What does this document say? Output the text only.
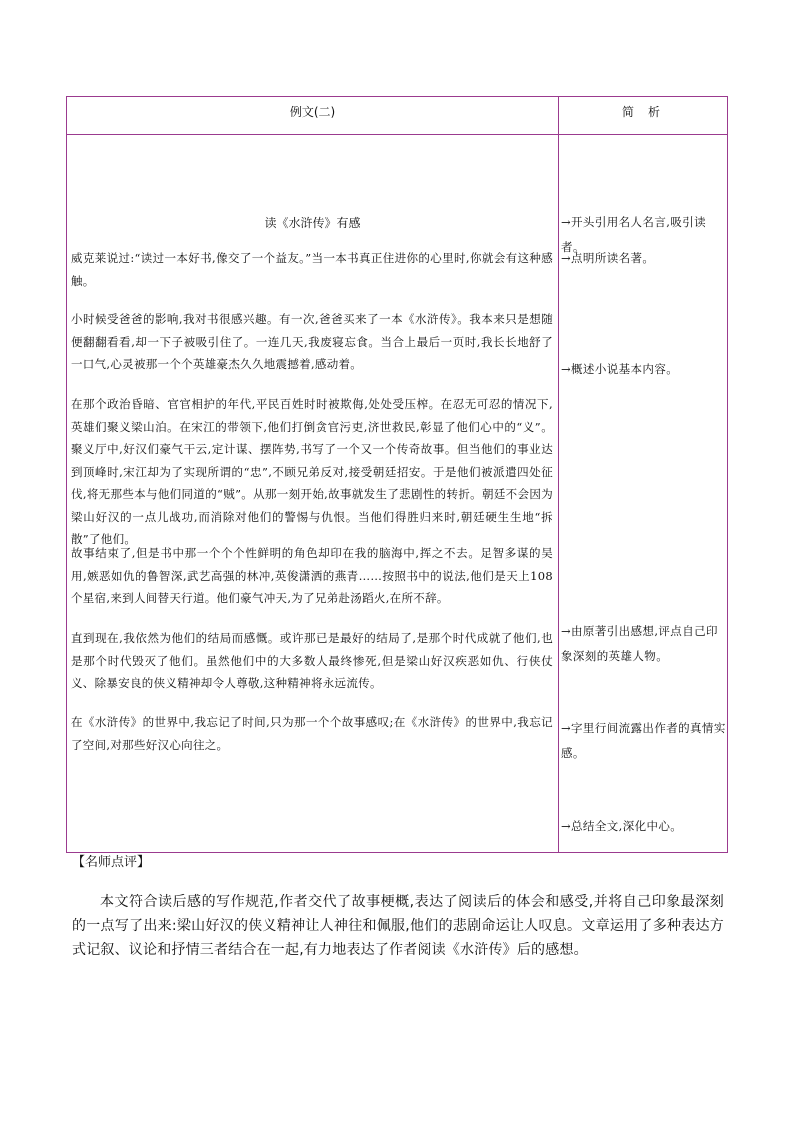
例文(二)	简析
读《水浒传》有感
威克莱说过:“读过一本好书,像交了一个益友。”当一本书真正住进你的心里时,你就会有这种感触。
小时候受爸爸的影响,我对书很感兴趣。有一次,爸爸买来了一本《水浒传》。我本来只是想随便翻翻看看,却一下子被吸引住了。一连几天,我废寝忘食。当合上最后一页时,我长长地舒了一口气,心灵被那一个个英雄豪杰久久地震撼着,感动着。
在那个政治昏暗、官官相护的年代,平民百姓时时被欺侮,处处受压榨。在忍无可忍的情况下,英雄们聚义梁山泊。在宋江的带领下,他们打倒贪官污吏,济世救民,彰显了他们心中的“义”。聚义厅中,好汉们豪气干云,定计谋、摆阵势,书写了一个又一个传奇故事。但当他们的事业达到顶峰时,宋江却为了实现所谓的“忠”,不顾兄弟反对,接受朝廷招安。于是他们被派遣四处征伐,将无那些本与他们同道的“贼”。从那一刻开始,故事就发生了悲剧性的转折。朝廷不会因为梁山好汉的一点儿战功,而消除对他们的警惕与仇恨。当他们得胜归来时,朝廷硬生生地“拆散”了他们。
故事结束了,但是书中那一个个个性鲜明的角色却印在我的脑海中,挥之不去。足智多谋的吴用,嫉恶如仇的鲁智深,武艺高强的林冲,英俊潇洒的燕青……按照书中的说法,他们是天上108个星宿,来到人间替天行道。他们豪气冲天,为了兄弟赴汤蹈火,在所不辞。
直到现在,我依然为他们的结局而感慨。或许那已是最好的结局了,是那个时代成就了他们,也是那个时代毁灭了他们。虽然他们中的大多数人最终惨死,但是梁山好汉疾恶如仇、行侠仗义、除暴安良的侠义精神却令人尊敬,这种精神将永远流传。
在《水浒传》的世界中,我忘记了时间,只为那一个个故事感叹;在《水浒传》的世界中,我忘记了空间,对那些好汉心向往之。
→开头引用名人名言,吸引读者。
→点明所读名著。
→概述小说基本内容。
→由原著引出感想,评点自己印象深刻的英雄人物。
→字里行间流露出作者的真情实感。
→总结全文,深化中心。
【名师点评】
本文符合读后感的写作规范,作者交代了故事梗概,表达了阅读后的体会和感受,并将自己印象最深刻的一点写了出来:梁山好汉的侠义精神让人神往和佩服,他们的悲剧命运让人叹息。文章运用了多种表达方式记叙、议论和抒情三者结合在一起,有力地表达了作者阅读《水浒传》后的感想。
